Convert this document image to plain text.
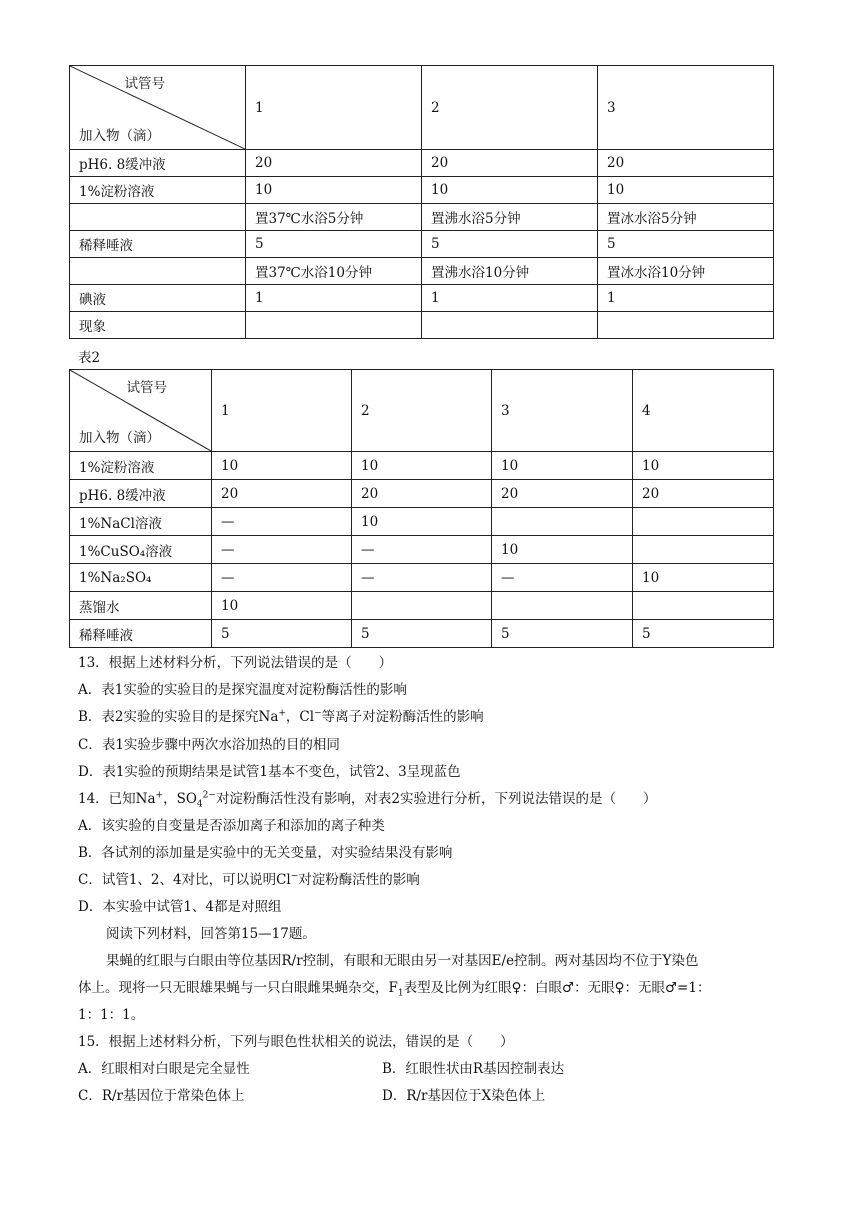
试管号
加入物（滴）	1	2	3
pH6. 8缓冲液	20	20	20
1%淀粉溶液	10	10	10
	置37℃水浴5分钟	置沸水浴5分钟	置冰水浴5分钟
稀释唾液	5	5	5
	置37℃水浴10分钟	置沸水浴10分钟	置冰水浴10分钟
碘液	1	1	1
现象			
表2
试管号
加入物（滴）	1	2	3	4
1%淀粉溶液	10	10	10	10
pH6. 8缓冲液	20	20	20	20
1%NaCl溶液	—	10		
1%CuSO₄溶液	—	—	10	
1%Na₂SO₄	—	—	—	10
蒸馏水	10			
稀释唾液	5	5	5	5
13．根据上述材料分析，下列说法错误的是（　　）
A．表1实验的实验目的是探究温度对淀粉酶活性的影响
B．表2实验的实验目的是探究Na+，Cl−等离子对淀粉酶活性的影响
C．表1实验步骤中两次水浴加热的目的相同
D．表1实验的预期结果是试管1基本不变色，试管2、3呈现蓝色
14．已知Na+，$SO_4^{2-}$对淀粉酶活性没有影响，对表2实验进行分析，下列说法错误的是（　　）
A．该实验的自变量是否添加离子和添加的离子种类
B．各试剂的添加量是实验中的无关变量，对实验结果没有影响
C．试管1、2、4对比，可以说明Cl−对淀粉酶活性的影响
D．本实验中试管1、4都是对照组
阅读下列材料，回答第15—17题。
果蝇的红眼与白眼由等位基因R/r控制，有眼和无眼由另一对基因E/e控制。两对基因均不位于Y染色
体上。现将一只无眼雄果蝇与一只白眼雌果蝇杂交，$F_1$表型及比例为红眼♀：白眼♂：无眼♀：无眼♂=1：
1：1：1。
15．根据上述材料分析，下列与眼色性状相关的说法，错误的是（　　）
A．红眼相对白眼是完全显性	B．红眼性状由R基因控制表达
C．R/r基因位于常染色体上	D．R/r基因位于X染色体上
